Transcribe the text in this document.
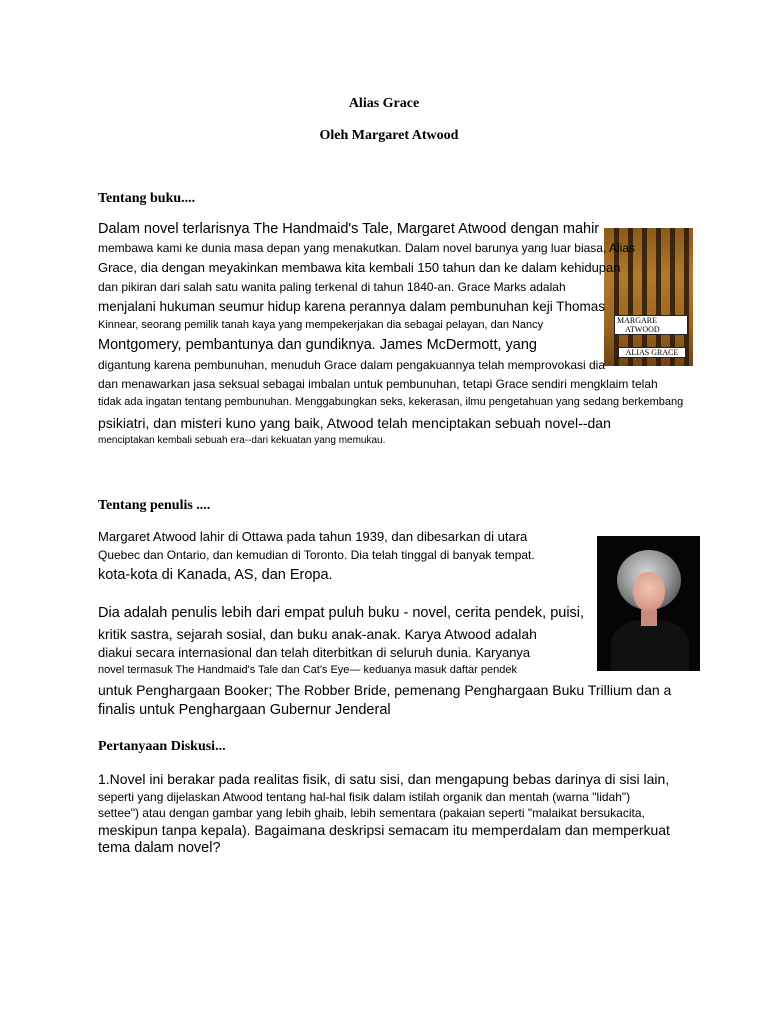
Alias Grace
Oleh Margaret Atwood
Tentang buku....
MARGARE
ATWOOD
ALIAS GRACE
Dalam novel terlarisnya The Handmaid's Tale, Margaret Atwood dengan mahir
membawa kami ke dunia masa depan yang menakutkan. Dalam novel barunya yang luar biasa, Alias
Grace, dia dengan meyakinkan membawa kita kembali 150 tahun dan ke dalam kehidupan
dan pikiran dari salah satu wanita paling terkenal di tahun 1840-an. Grace Marks adalah
menjalani hukuman seumur hidup karena perannya dalam pembunuhan keji Thomas
Kinnear, seorang pemilik tanah kaya yang mempekerjakan dia sebagai pelayan, dan Nancy
Montgomery, pembantunya dan gundiknya. James McDermott, yang
digantung karena pembunuhan, menuduh Grace dalam pengakuannya telah memprovokasi dia
dan menawarkan jasa seksual sebagai imbalan untuk pembunuhan, tetapi Grace sendiri mengklaim telah
tidak ada ingatan tentang pembunuhan. Menggabungkan seks, kekerasan, ilmu pengetahuan yang sedang berkembang
psikiatri, dan misteri kuno yang baik, Atwood telah menciptakan sebuah novel--dan
menciptakan kembali sebuah era--dari kekuatan yang memukau.
Tentang penulis ....
Margaret Atwood lahir di Ottawa pada tahun 1939, dan dibesarkan di utara
Quebec dan Ontario, dan kemudian di Toronto. Dia telah tinggal di banyak tempat.
kota-kota di Kanada, AS, dan Eropa.
Dia adalah penulis lebih dari empat puluh buku - novel, cerita pendek, puisi,
kritik sastra, sejarah sosial, dan buku anak-anak. Karya Atwood adalah
diakui secara internasional dan telah diterbitkan di seluruh dunia. Karyanya
novel termasuk The Handmaid's Tale dan Cat's Eye— keduanya masuk daftar pendek
untuk Penghargaan Booker; The Robber Bride, pemenang Penghargaan Buku Trillium dan a
finalis untuk Penghargaan Gubernur Jenderal
Pertanyaan Diskusi...
1.Novel ini berakar pada realitas fisik, di satu sisi, dan mengapung bebas darinya di sisi lain,
seperti yang dijelaskan Atwood tentang hal-hal fisik dalam istilah organik dan mentah (warna "lidah")
settee") atau dengan gambar yang lebih ghaib, lebih sementara (pakaian seperti "malaikat bersukacita,
meskipun tanpa kepala). Bagaimana deskripsi semacam itu memperdalam dan memperkuat
tema dalam novel?
